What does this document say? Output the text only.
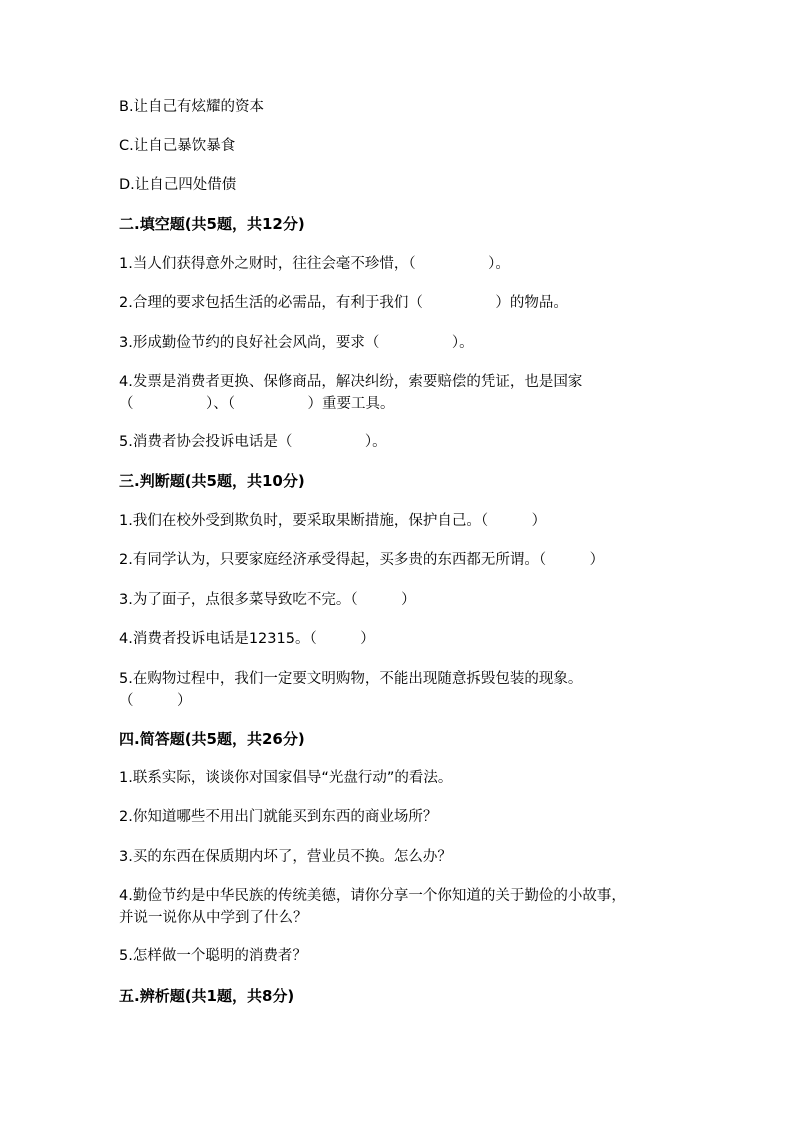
B.让自己有炫耀的资本
C.让自己暴饮暴食
D.让自己四处借债
二.填空题(共5题，共12分)
1.当人们获得意外之财时，往往会毫不珍惜，（　　　　　）。
2.合理的要求包括生活的必需品，有利于我们（　　　　　）的物品。
3.形成勤俭节约的良好社会风尚，要求（　　　　　）。
4.发票是消费者更换、保修商品，解决纠纷，索要赔偿的凭证，也是国家（　　　　　）、（　　　　　）重要工具。
5.消费者协会投诉电话是（　　　　　）。
三.判断题(共5题，共10分)
1.我们在校外受到欺负时，要采取果断措施，保护自己。（　　　）
2.有同学认为，只要家庭经济承受得起，买多贵的东西都无所谓。（　　　）
3.为了面子，点很多菜导致吃不完。（　　　）
4.消费者投诉电话是12315。（　　　）
5.在购物过程中，我们一定要文明购物，不能出现随意拆毁包装的现象。（　　　）
四.简答题(共5题，共26分)
1.联系实际，谈谈你对国家倡导“光盘行动”的看法。
2.你知道哪些不用出门就能买到东西的商业场所？
3.买的东西在保质期内坏了，营业员不换。怎么办？
4.勤俭节约是中华民族的传统美德，请你分享一个你知道的关于勤俭的小故事，并说一说你从中学到了什么？
5.怎样做一个聪明的消费者？
五.辨析题(共1题，共8分)
